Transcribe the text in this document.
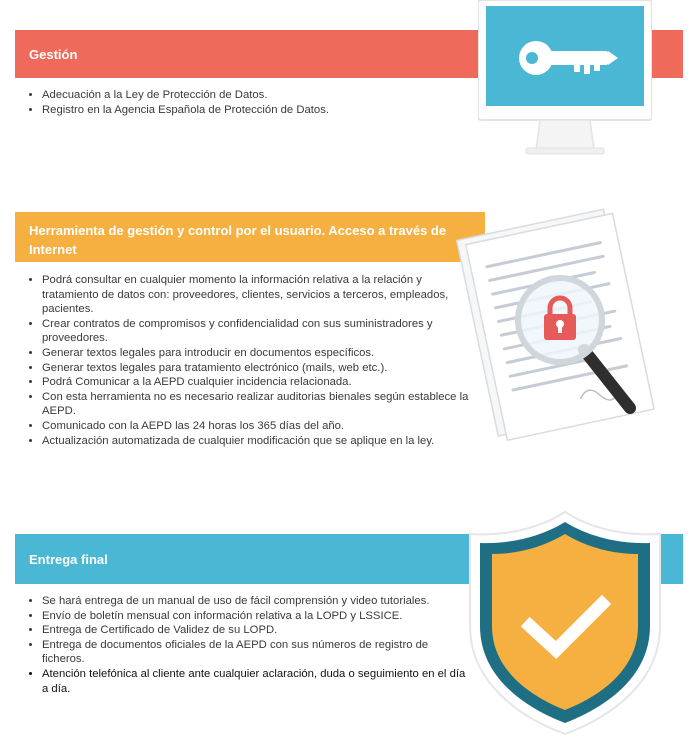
Gestión
• Adecuación a la Ley de Protección de Datos.
• Registro en la Agencia Española de Protección de Datos.
Herramienta de gestión y control por el usuario. Acceso a través de Internet
• Podrá consultar en cualquier momento la información relativa a la relación y tratamiento de datos con: proveedores, clientes, servicios a terceros, empleados, pacientes.
• Crear contratos de compromisos y confidencialidad con sus suministradores y proveedores.
• Generar textos legales para introducir en documentos específicos.
• Generar textos legales para tratamiento electrónico (mails, web etc.).
• Podrá Comunicar a la AEPD cualquier incidencia relacionada.
• Con esta herramienta no es necesario realizar auditorias bienales según establece la AEPD.
• Comunicado con la AEPD las 24 horas los 365 días del año.
• Actualización automatizada de cualquier modificación que se aplique en la ley.
Entrega final
• Se hará entrega de un manual de uso de fácil comprensión y video tutoriales.
• Envío de boletín mensual con información relativa a la LOPD y LSSICE.
• Entrega de Certificado de Validez de su LOPD.
• Entrega de documentos oficiales de la AEPD con sus números de registro de ficheros.
• Atención telefónica al cliente ante cualquier aclaración, duda o seguimiento en el día a día.
